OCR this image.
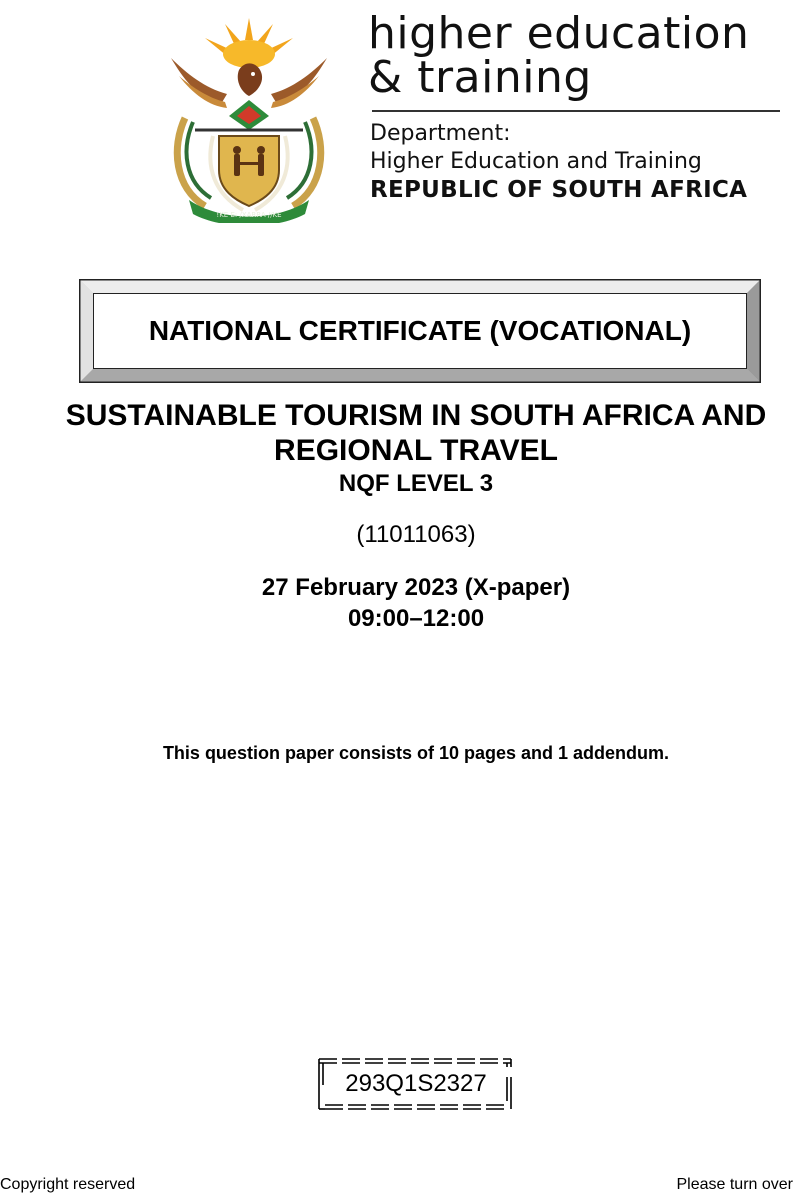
!KE E: /XARRA //KE
higher education
& training
Department:
Higher Education and Training
REPUBLIC OF SOUTH AFRICA
NATIONAL CERTIFICATE (VOCATIONAL)
SUSTAINABLE TOURISM IN SOUTH AFRICA AND
REGIONAL TRAVEL
NQF LEVEL 3
(11011063)
27 February 2023 (X-paper)
09:00–12:00
This question paper consists of 10 pages and 1 addendum.
293Q1S2327
Copyright reserved	Please turn over
